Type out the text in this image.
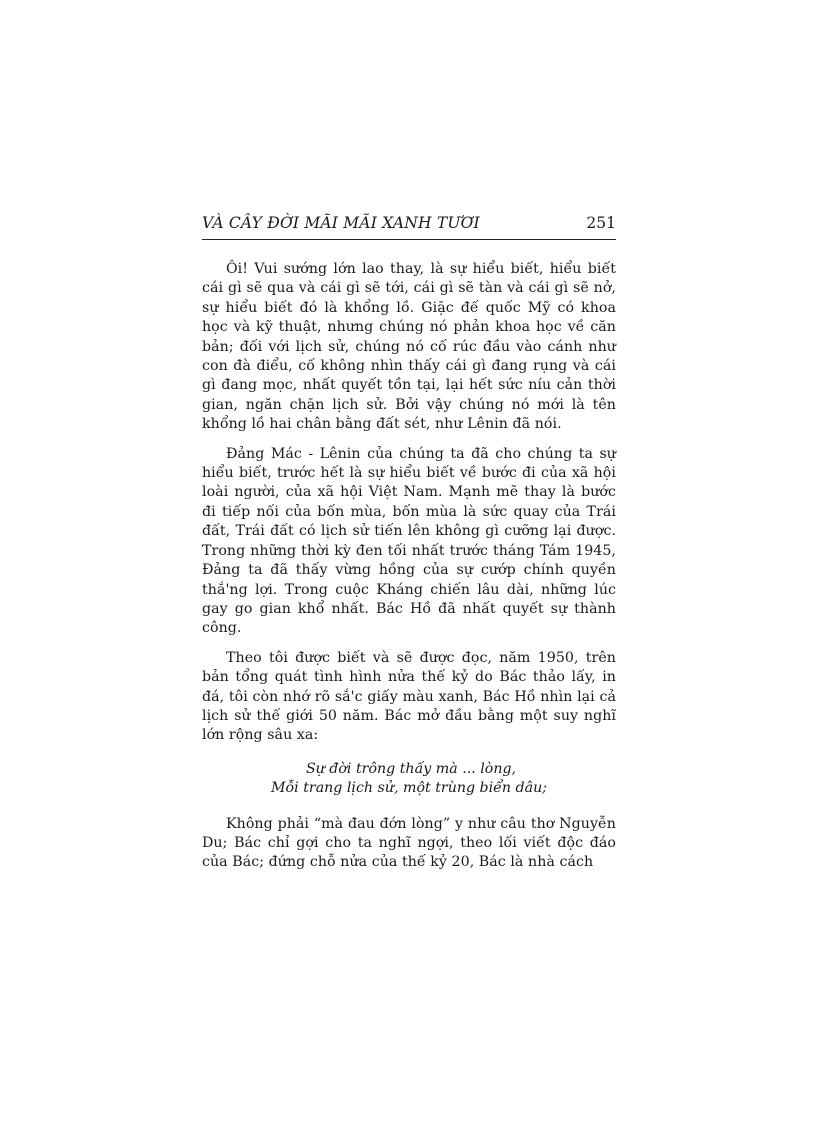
VÀ CÂY ĐỜI MÃI MÃI XANH TƯƠI	251

Ôi! Vui sướng lớn lao thay, là sự hiểu biết, hiểu biết cái gì sẽ qua và cái gì sẽ tới, cái gì sẽ tàn và cái gì sẽ nở, sự hiểu biết đó là khổng lồ. Giặc đế quốc Mỹ có khoa học và kỹ thuật, nhưng chúng nó phản khoa học về căn bản; đối với lịch sử, chúng nó cố rúc đầu vào cánh như con đà điểu, cố không nhìn thấy cái gì đang rụng và cái gì đang mọc, nhất quyết tồn tại, lại hết sức níu cản thời gian, ngăn chặn lịch sử. Bởi vậy chúng nó mới là tên khổng lồ hai chân bằng đất sét, như Lênin đã nói.

Đảng Mác - Lênin của chúng ta đã cho chúng ta sự hiểu biết, trước hết là sự hiểu biết về bước đi của xã hội loài người, của xã hội Việt Nam. Mạnh mẽ thay là bước đi tiếp nối của bốn mùa, bốn mùa là sức quay của Trái đất, Trái đất có lịch sử tiến lên không gì cưỡng lại được. Trong những thời kỳ đen tối nhất trước tháng Tám 1945, Đảng ta đã thấy vừng hồng của sự cướp chính quyền thắ'ng lợi. Trong cuộc Kháng chiến lâu dài, những lúc gay go gian khổ nhất. Bác Hồ đã nhất quyết sự thành công.

Theo tôi được biết và sẽ được đọc, năm 1950, trên bản tổng quát tình hình nửa thế kỷ do Bác thảo lấy, in đá, tôi còn nhớ rõ sắ'c giấy màu xanh, Bác Hồ nhìn lại cả lịch sử thế giới 50 năm. Bác mở đầu bằng một suy nghĩ lớn rộng sâu xa:

Sự đời trông thấy mà ... lòng,
Mỗi trang lịch sử, một trùng biển dâu;

Không phải “mà đau đớn lòng” y như câu thơ Nguyễn Du; Bác chỉ gợi cho ta nghĩ ngợi, theo lối viết độc đáo của Bác; đứng chỗ nửa của thế kỷ 20, Bác là nhà cách
